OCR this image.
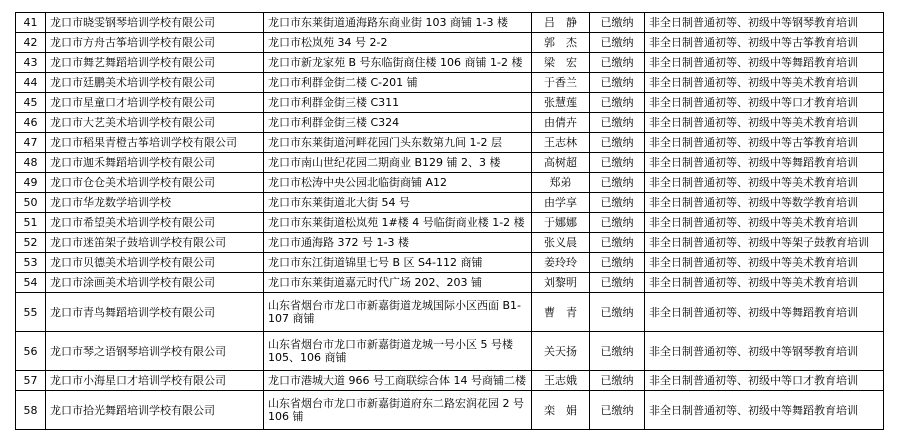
41	龙口市晓雯钢琴培训学校有限公司	龙口市东莱街道通海路东商业街 103 商铺 1-3 楼	吕　静	已缴纳	非全日制普通初等、初级中等钢琴教育培训
42	龙口市方舟古筝培训学校有限公司	龙口市松岚苑 34 号 2-2	郭　杰	已缴纳	非全日制普通初等、初级中等古筝教育培训
43	龙口市舞艺舞蹈培训学校有限公司	龙口市新龙家苑 B 号东临街商住楼 106 商铺 1-2 楼	梁　宏	已缴纳	非全日制普通初等、初级中等舞蹈教育培训
44	龙口市廷鹏美术培训学校有限公司	龙口市利群金街二楼 C-201 铺	于香兰	已缴纳	非全日制普通初等、初级中等美术教育培训
45	龙口市星童口才培训学校有限公司	龙口市利群金街三楼 C311	张慧莲	已缴纳	非全日制普通初等、初级中等口才教育培训
46	龙口市大艺美术培训学校有限公司	龙口市利群金街三楼 C324	由倩卉	已缴纳	非全日制普通初等、初级中等美术教育培训
47	龙口市稻果青橙古筝培训学校有限公司	龙口市东莱街道河畔花园门头东数第九间 1-2 层	王志林	已缴纳	非全日制普通初等、初级中等古筝教育培训
48	龙口市迦禾舞蹈培训学校有限公司	龙口市南山世纪花园二期商业 B129 铺 2、3 楼	高树超	已缴纳	非全日制普通初等、初级中等舞蹈教育培训
49	龙口市仓仓美术培训学校有限公司	龙口市松涛中央公园北临街商铺 A12	郑弟	已缴纳	非全日制普通初等、初级中等美术教育培训
50	龙口市华龙数学培训学校	龙口市东莱街道北大街 54 号	由学享	已缴纳	非全日制普通初等、初级中等数学教育培训
51	龙口市希望美术培训学校有限公司	龙口市东莱街道松岚苑 1#楼 4 号临街商业楼 1-2 楼	于娜娜	已缴纳	非全日制普通初等、初级中等美术教育培训
52	龙口市迷笛架子鼓培训学校有限公司	龙口市通海路 372 号 1-3 楼	张义晨	已缴纳	非全日制普通初等、初级中等架子鼓教育培训
53	龙口市贝德美术培训学校有限公司	龙口市东江街道锦里七号 B 区 S4-112 商铺	姜玲玲	已缴纳	非全日制普通初等、初级中等美术教育培训
54	龙口市涂画美术培训学校有限公司	龙口市东莱街道嘉元时代广场 202、203 铺	刘黎明	已缴纳	非全日制普通初等、初级中等美术教育培训
55	龙口市青鸟舞蹈培训学校有限公司	山东省烟台市龙口市新嘉街道龙城国际小区西面 B1-107 商铺	曹　青	已缴纳	非全日制普通初等、初级中等舞蹈教育培训
56	龙口市琴之语钢琴培训学校有限公司	山东省烟台市龙口市新嘉街道龙城一号小区 5 号楼 105、106 商铺	关天扬	已缴纳	非全日制普通初等、初级中等钢琴教育培训
57	龙口市小海星口才培训学校有限公司	龙口市港城大道 966 号工商联综合体 14 号商铺二楼	王志娥	已缴纳	非全日制普通初等、初级中等口才教育培训
58	龙口市拾光舞蹈培训学校有限公司	山东省烟台市龙口市新嘉街道府东二路宏润花园 2 号 106 铺	栾　娟	已缴纳	非全日制普通初等、初级中等舞蹈教育培训
